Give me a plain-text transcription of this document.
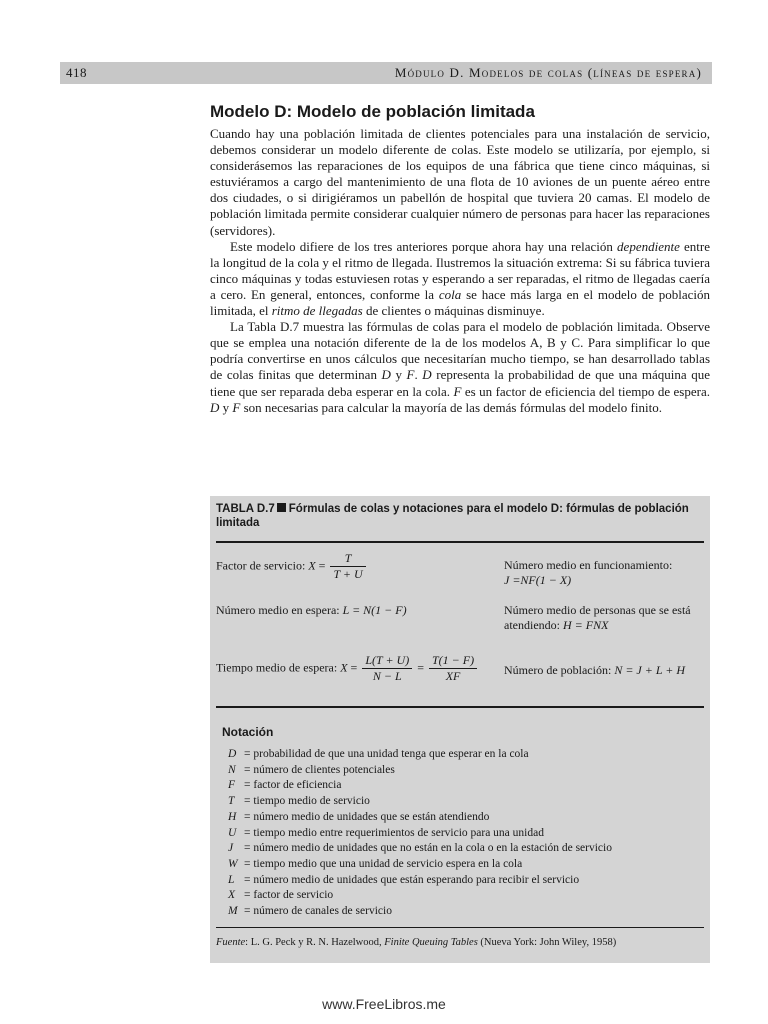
418	Módulo D. Modelos de colas (líneas de espera)
Modelo D: Modelo de población limitada

Cuando hay una población limitada de clientes potenciales para una instalación de servicio, debemos considerar un modelo diferente de colas. Este modelo se utilizaría, por ejemplo, si considerásemos las reparaciones de los equipos de una fábrica que tiene cinco máquinas, si estuviéramos a cargo del mantenimiento de una flota de 10 aviones de un puente aéreo entre dos ciudades, o si dirigiéramos un pabellón de hospital que tuviera 20 camas. El modelo de población limitada permite considerar cualquier número de personas para hacer las reparaciones (servidores).

Este modelo difiere de los tres anteriores porque ahora hay una relación dependiente entre la longitud de la cola y el ritmo de llegada. Ilustremos la situación extrema: Si su fábrica tuviera cinco máquinas y todas estuviesen rotas y esperando a ser reparadas, el ritmo de llegadas caería a cero. En general, entonces, conforme la cola se hace más larga en el modelo de población limitada, el ritmo de llegadas de clientes o máquinas disminuye.

La Tabla D.7 muestra las fórmulas de colas para el modelo de población limitada. Observe que se emplea una notación diferente de la de los modelos A, B y C. Para simplificar lo que podría convertirse en unos cálculos que necesitarían mucho tiempo, se han desarrollado tablas de colas finitas que determinan D y F. D representa la probabilidad de que una máquina que tiene que ser reparada deba esperar en la cola. F es un factor de eficiencia del tiempo de espera. D y F son necesarias para calcular la mayoría de las demás fórmulas del modelo finito.

TABLA D.7 Fórmulas de colas y notaciones para el modelo D: fórmulas de población limitada
Factor de servicio: $X = \frac{T}{T + U}$	Número medio en funcionamiento:
J =NF(1 − X)
Número medio en espera: L = N(1 − F)	Número medio de personas que se está atendiendo: H = FNX
Tiempo medio de espera: $X = \frac{L(T + U)}{N - L} = \frac{T(1 - F)}{XF}$ Número de población: N = J + L + H
Notación
D = probabilidad de que una unidad tenga que esperar en la cola
N = número de clientes potenciales
F = factor de eficiencia
T = tiempo medio de servicio
H = número medio de unidades que se están atendiendo
U = tiempo medio entre requerimientos de servicio para una unidad
J = número medio de unidades que no están en la cola o en la estación de servicio
W = tiempo medio que una unidad de servicio espera en la cola
L = número medio de unidades que están esperando para recibir el servicio
X = factor de servicio
M = número de canales de servicio
Fuente: L. G. Peck y R. N. Hazelwood, Finite Queuing Tables (Nueva York: John Wiley, 1958)
www.FreeLibros.me
